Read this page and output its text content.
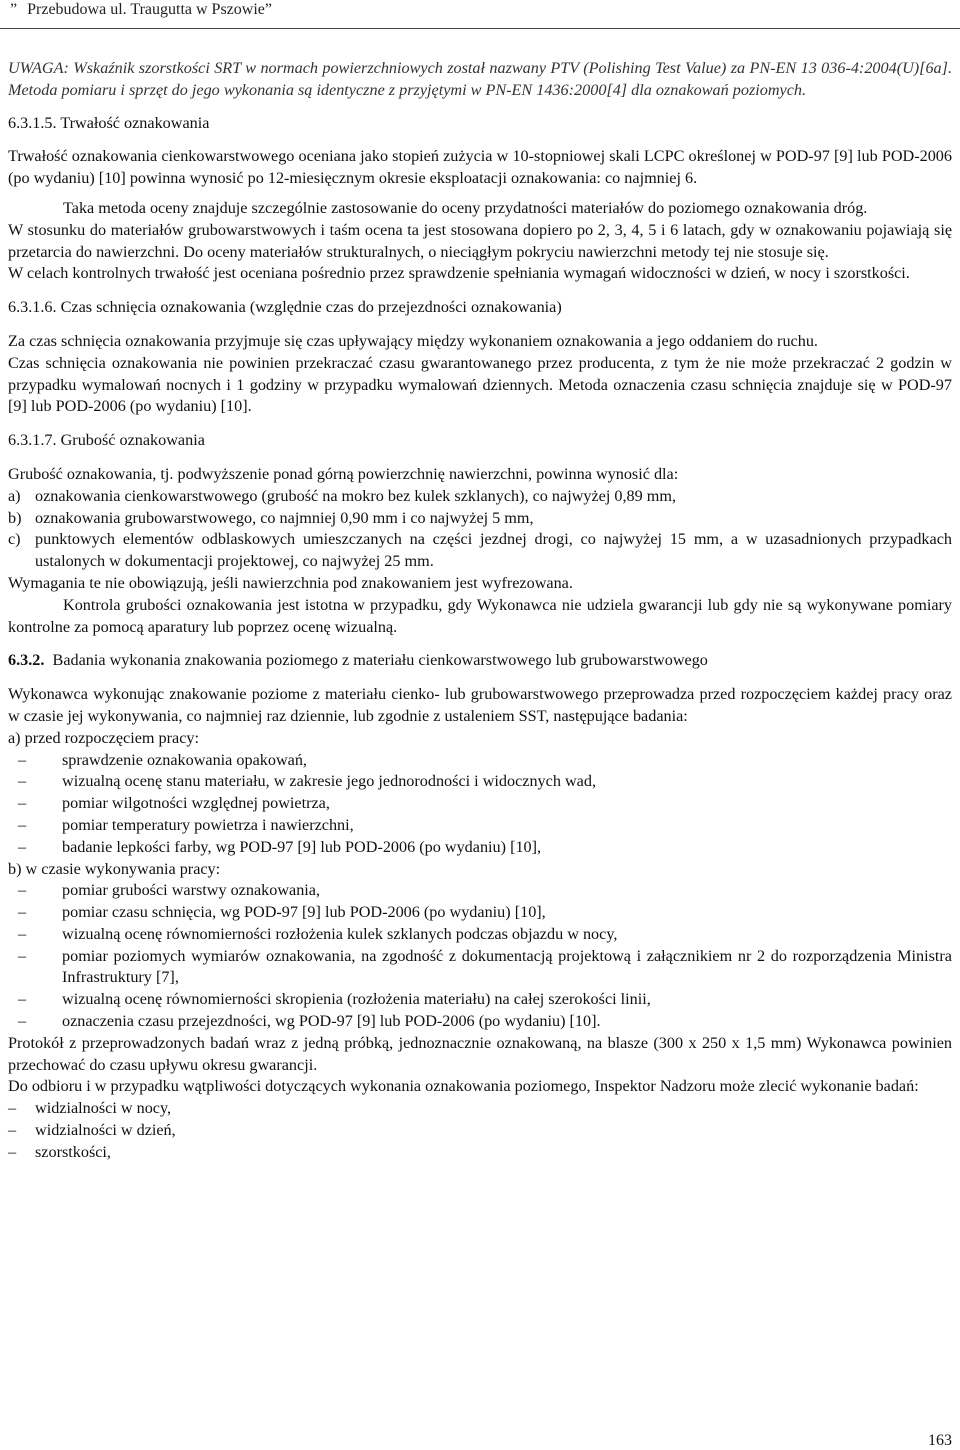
” Przebudowa ul. Traugutta w Pszowie”

UWAGA: Wskaźnik szorstkości SRT w normach powierzchniowych został nazwany PTV (Polishing Test Value) za PN-EN 13 036-4:2004(U)[6a]. Metoda pomiaru i sprzęt do jego wykonania są identyczne z przyjętymi w PN-EN 1436:2000[4] dla oznakowań poziomych.

6.3.1.5. Trwałość oznakowania

Trwałość oznakowania cienkowarstwowego oceniana jako stopień zużycia w 10-stopniowej skali LCPC określonej w POD-97 [9] lub POD-2006 (po wydaniu) [10] powinna wynosić po 12-miesięcznym okresie eksploatacji oznakowania: co najmniej 6.

Taka metoda oceny znajduje szczególnie zastosowanie do oceny przydatności materiałów do poziomego oznakowania dróg.

W stosunku do materiałów grubowarstwowych i taśm ocena ta jest stosowana dopiero po 2, 3, 4, 5 i 6 latach, gdy w oznakowaniu pojawiają się przetarcia do nawierzchni. Do oceny materiałów strukturalnych, o nieciągłym pokryciu nawierzchni metody tej nie stosuje się.

W celach kontrolnych trwałość jest oceniana pośrednio przez sprawdzenie spełniania wymagań widoczności w dzień, w nocy i szorstkości.

6.3.1.6. Czas schnięcia oznakowania (względnie czas do przejezdności oznakowania)

Za czas schnięcia oznakowania przyjmuje się czas upływający między wykonaniem oznakowania a jego oddaniem do ruchu.

Czas schnięcia oznakowania nie powinien przekraczać czasu gwarantowanego przez producenta, z tym że nie może przekraczać 2 godzin w przypadku wymalowań nocnych i 1 godziny w przypadku wymalowań dziennych. Metoda oznaczenia czasu schnięcia znajduje się w POD-97 [9] lub POD-2006 (po wydaniu) [10].

6.3.1.7. Grubość oznakowania

Grubość oznakowania, tj. podwyższenie ponad górną powierzchnię nawierzchni, powinna wynosić dla:

a) oznakowania cienkowarstwowego (grubość na mokro bez kulek szklanych), co najwyżej 0,89 mm,
b) oznakowania grubowarstwowego, co najmniej 0,90 mm i co najwyżej 5 mm,
c) punktowych elementów odblaskowych umieszczanych na części jezdnej drogi, co najwyżej 15 mm, a w uzasadnionych przypadkach ustalonych w dokumentacji projektowej, co najwyżej 25 mm.

Wymagania te nie obowiązują, jeśli nawierzchnia pod znakowaniem jest wyfrezowana.

Kontrola grubości oznakowania jest istotna w przypadku, gdy Wykonawca nie udziela gwarancji lub gdy nie są wykonywane pomiary kontrolne za pomocą aparatury lub poprzez ocenę wizualną.

6.3.2. Badania wykonania znakowania poziomego z materiału cienkowarstwowego lub grubowarstwowego

Wykonawca wykonując znakowanie poziome z materiału cienko- lub grubowarstwowego przeprowadza przed rozpoczęciem każdej pracy oraz w czasie jej wykonywania, co najmniej raz dziennie, lub zgodnie z ustaleniem SST, następujące badania:

a) przed rozpoczęciem pracy:

– sprawdzenie oznakowania opakowań,
– wizualną ocenę stanu materiału, w zakresie jego jednorodności i widocznych wad,
– pomiar wilgotności względnej powietrza,
– pomiar temperatury powietrza i nawierzchni,
– badanie lepkości farby, wg POD-97 [9] lub POD-2006 (po wydaniu) [10],

b) w czasie wykonywania pracy:

– pomiar grubości warstwy oznakowania,
– pomiar czasu schnięcia, wg POD-97 [9] lub POD-2006 (po wydaniu) [10],
– wizualną ocenę równomierności rozłożenia kulek szklanych podczas objazdu w nocy,
– pomiar poziomych wymiarów oznakowania, na zgodność z dokumentacją projektową i załącznikiem nr 2 do rozporządzenia Ministra Infrastruktury [7],
– wizualną ocenę równomierności skropienia (rozłożenia materiału) na całej szerokości linii,
– oznaczenia czasu przejezdności, wg POD-97 [9] lub POD-2006 (po wydaniu) [10].

Protokół z przeprowadzonych badań wraz z jedną próbką, jednoznacznie oznakowaną, na blasze (300 x 250 x 1,5 mm) Wykonawca powinien przechować do czasu upływu okresu gwarancji.

Do odbioru i w przypadku wątpliwości dotyczących wykonania oznakowania poziomego, Inspektor Nadzoru może zlecić wykonanie badań:

– widzialności w nocy,
– widzialności w dzień,
– szorstkości,
163
